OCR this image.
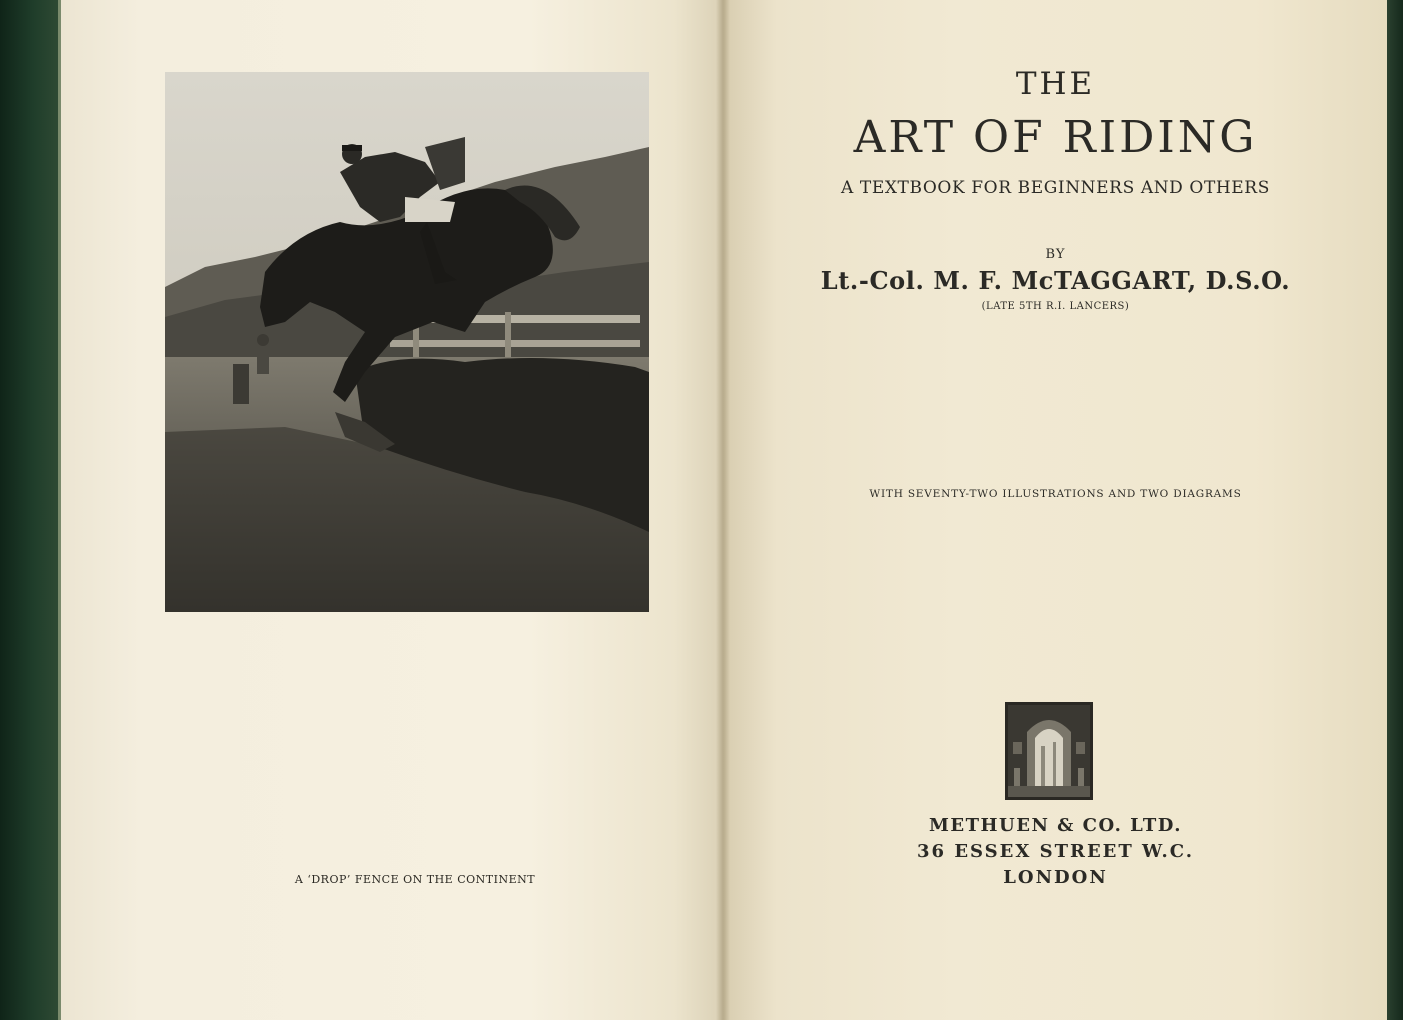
A ‘DROP’ FENCE ON THE CONTINENT
THE
ART OF RIDING
A TEXTBOOK FOR BEGINNERS AND OTHERS
BY
Lt.-Col. M. F. McTAGGART, D.S.O.
(LATE 5TH R.I. LANCERS)
WITH SEVENTY-TWO ILLUSTRATIONS AND TWO DIAGRAMS
METHUEN & CO. LTD.
36 ESSEX STREET W.C.
LONDON
